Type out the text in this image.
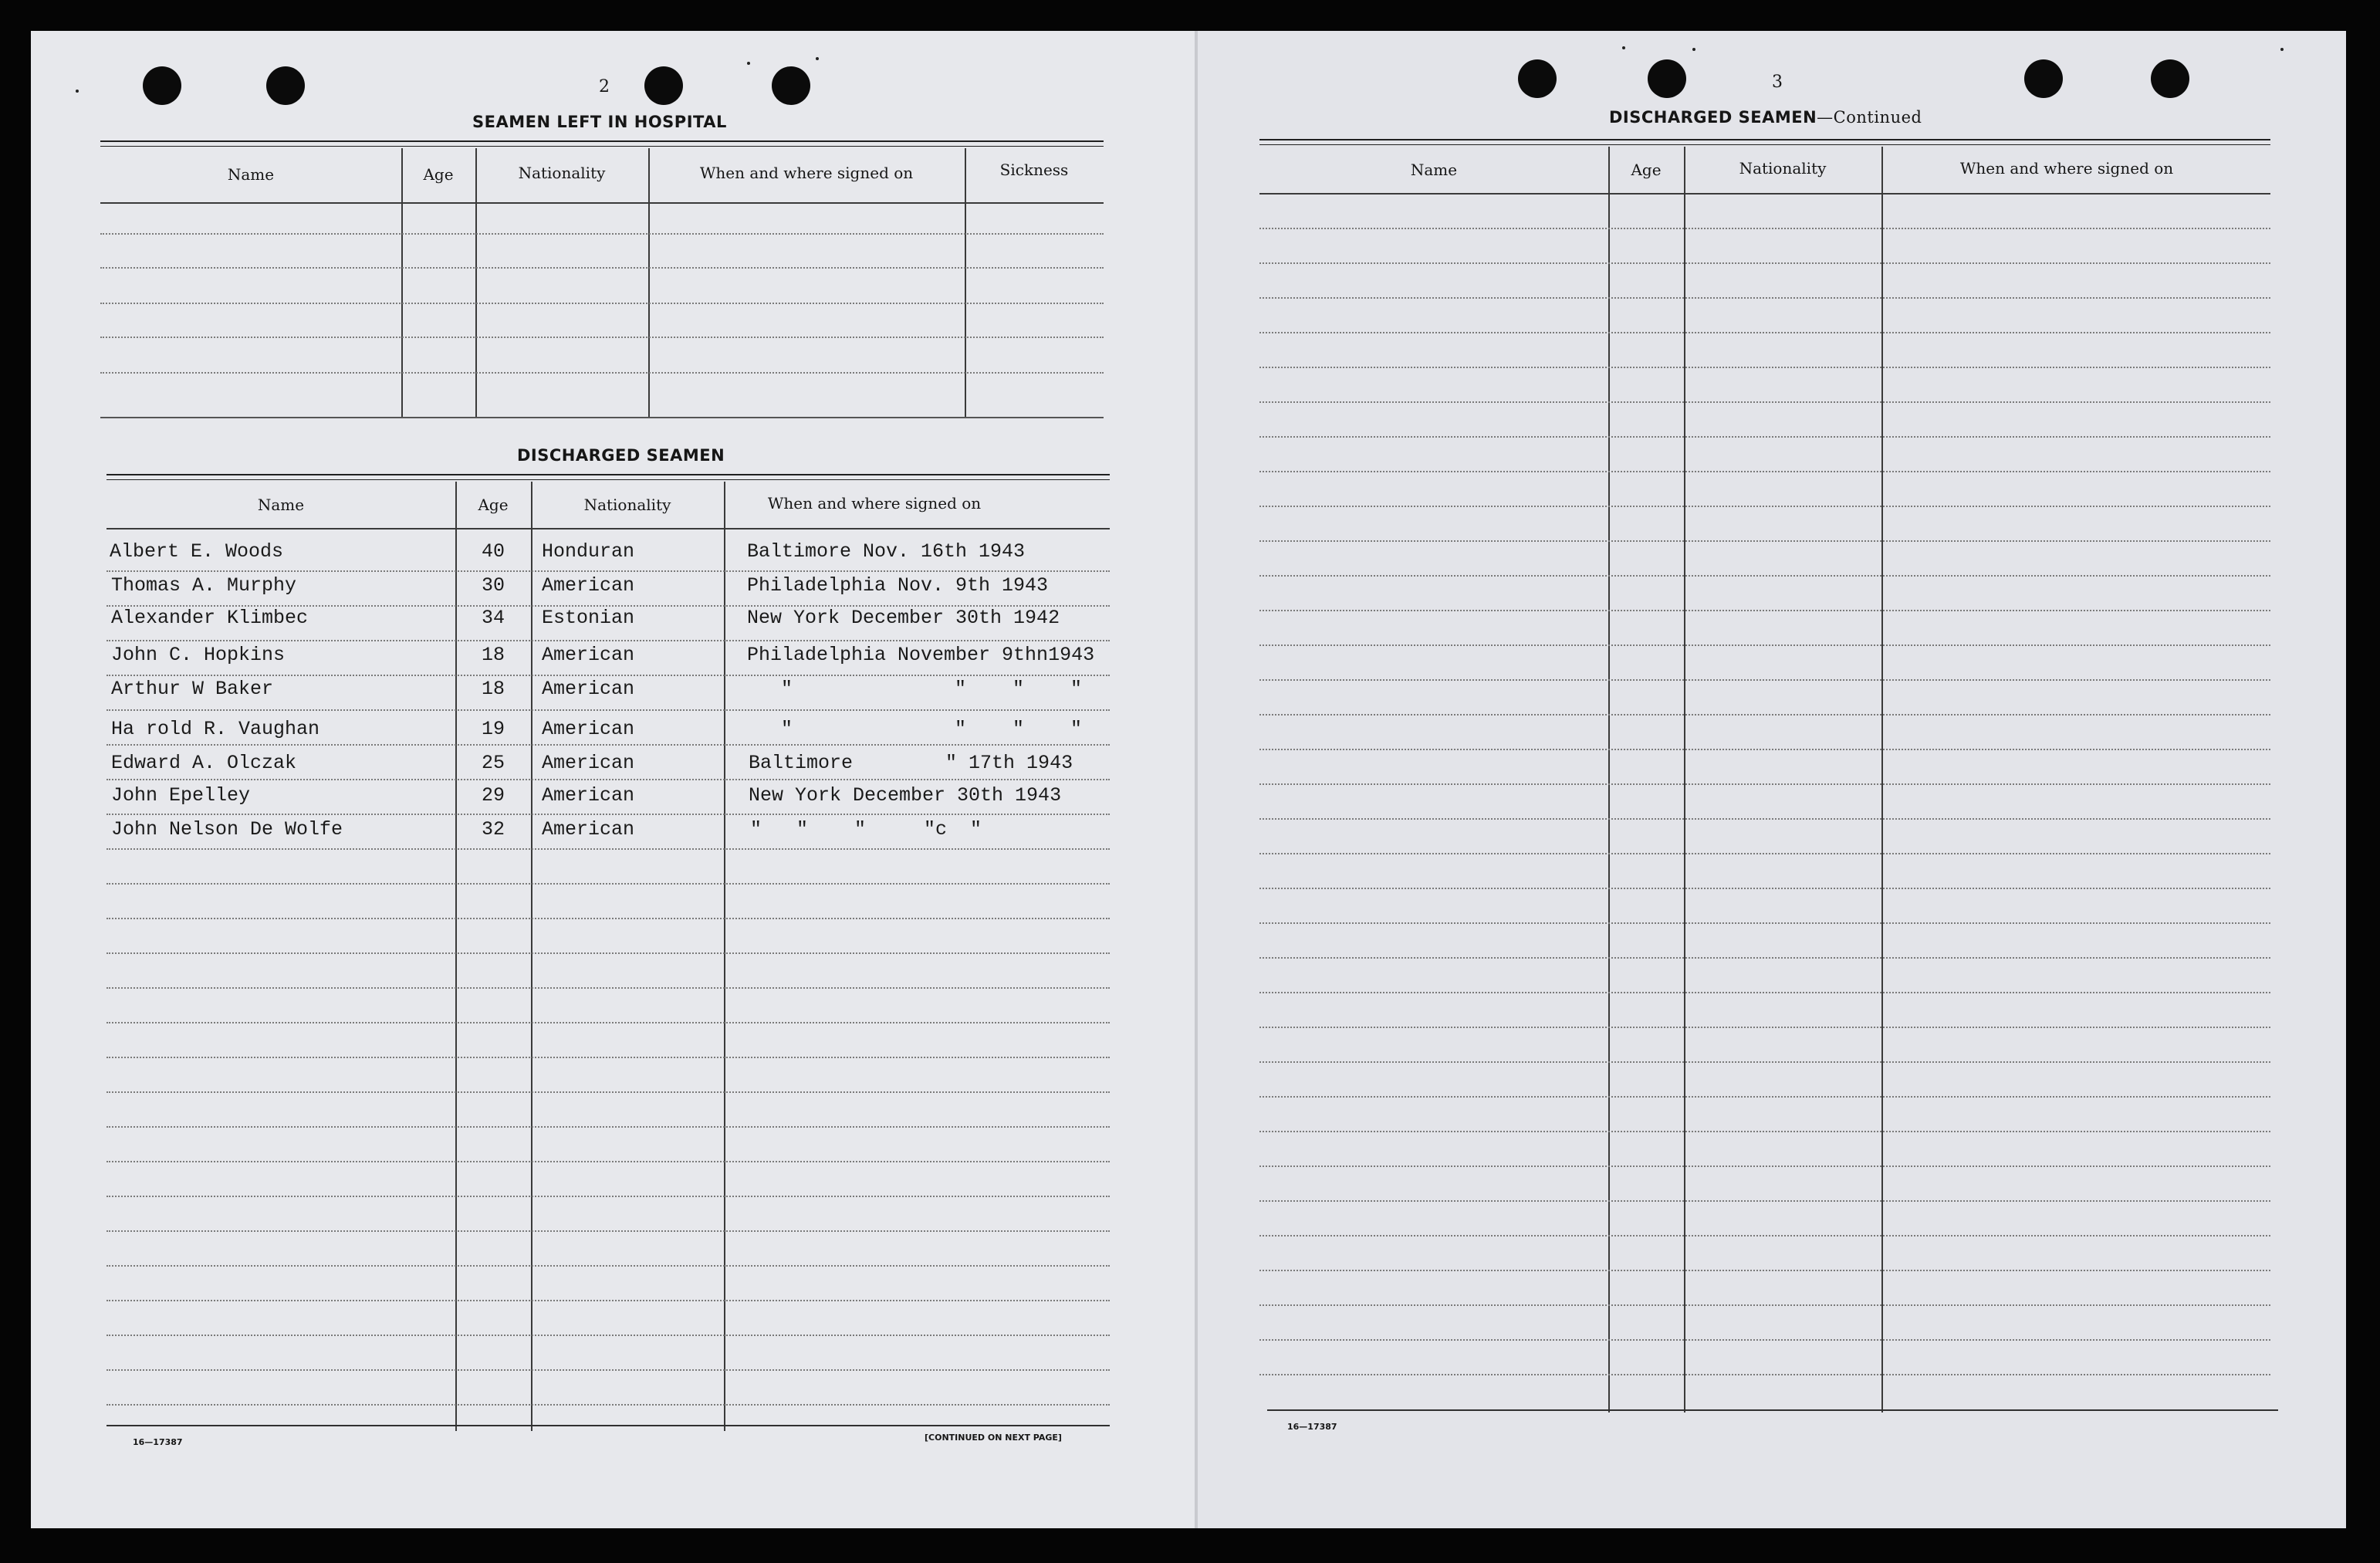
2
SEAMEN LEFT IN HOSPITAL
Name	Age	Nationality	When and where signed on	Sickness
DISCHARGED SEAMEN
Name	Age	Nationality	When and where signed on
Albert E. Woods	40 Honduran	Baltimore Nov. 16th 1943
Thomas A. Murphy	30 American	Philadelphia Nov. 9th 1943
Alexander Klimbec	34 Estonian	New York December 30th 1942
John C. Hopkins	18 American	Philadelphia November 9thn1943
Arthur W Baker	18 American	"              "    "    "
Ha rold R. Vaughan	19 American	"              "    "    "
Edward A. Olczak	25 American	Baltimore        " 17th 1943
John Epelley	29 American	New York December 30th 1943
John Nelson De Wolfe	32 American	"   "    "     "c  "
16—17387	[CONTINUED ON NEXT PAGE]
3
DISCHARGED SEAMEN—Continued
Name	Age	Nationality	When and where signed on
16—17387
